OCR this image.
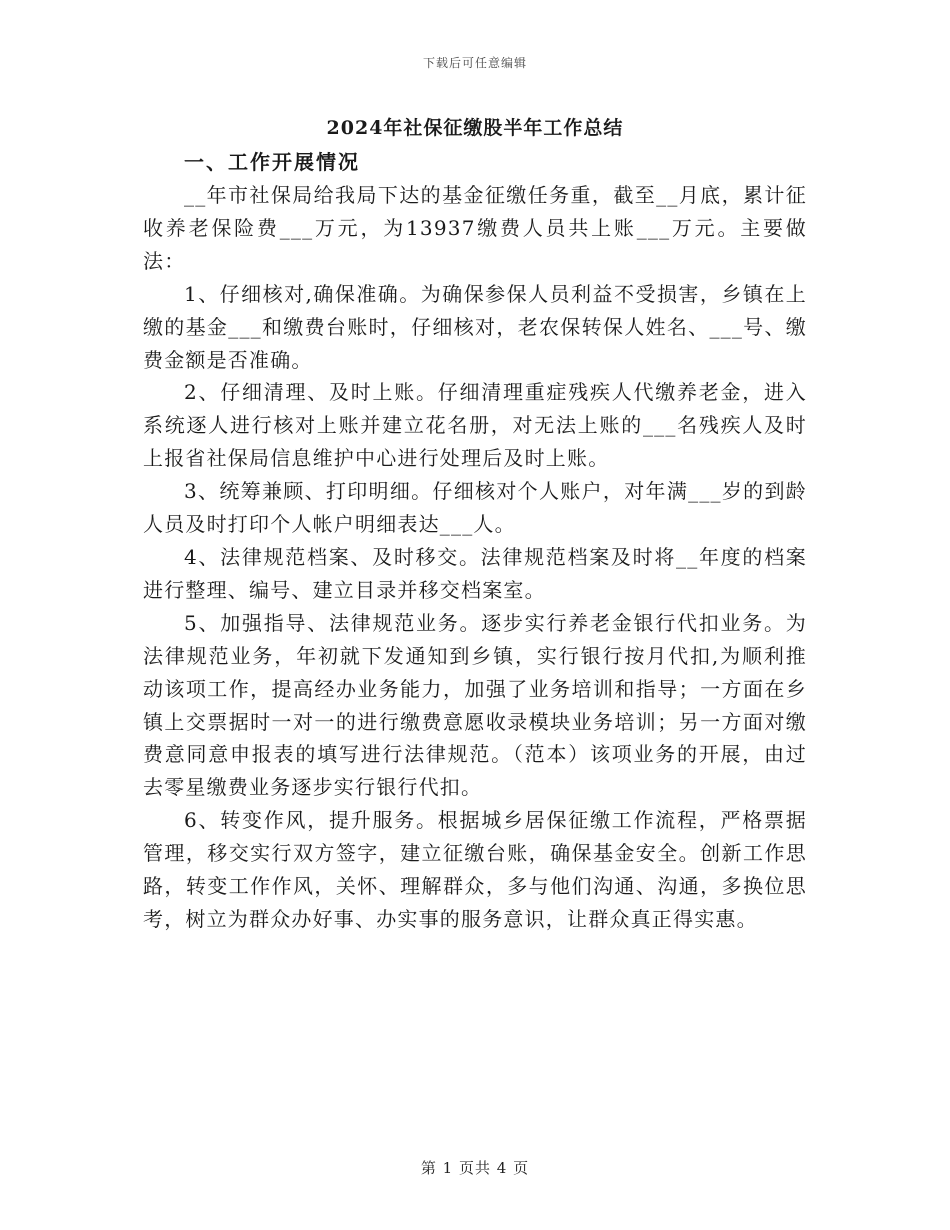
下载后可任意编辑
2024年社保征缴股半年工作总结
一、工作开展情况

__年市社保局给我局下达的基金征缴任务重，截至__月底，累计征收养老保险费___万元，为13937缴费人员共上账___万元。主要做法：

1、仔细核对,确保准确。为确保参保人员利益不受损害，乡镇在上缴的基金___和缴费台账时，仔细核对，老农保转保人姓名、___号、缴费金额是否准确。

2、仔细清理、及时上账。仔细清理重症残疾人代缴养老金，进入系统逐人进行核对上账并建立花名册，对无法上账的___名残疾人及时上报省社保局信息维护中心进行处理后及时上账。

3、统筹兼顾、打印明细。仔细核对个人账户，对年满___岁的到龄人员及时打印个人帐户明细表达___人。

4、法律规范档案、及时移交。法律规范档案及时将__年度的档案进行整理、编号、建立目录并移交档案室。

5、加强指导、法律规范业务。逐步实行养老金银行代扣业务。为法律规范业务，年初就下发通知到乡镇，实行银行按月代扣,为顺利推动该项工作，提高经办业务能力，加强了业务培训和指导；一方面在乡镇上交票据时一对一的进行缴费意愿收录模块业务培训；另一方面对缴费意同意申报表的填写进行法律规范。（范本）该项业务的开展，由过去零星缴费业务逐步实行银行代扣。

6、转变作风，提升服务。根据城乡居保征缴工作流程，严格票据管理，移交实行双方签字，建立征缴台账，确保基金安全。创新工作思路，转变工作作风，关怀、理解群众，多与他们沟通、沟通，多换位思考，树立为群众办好事、办实事的服务意识，让群众真正得实惠。

第 1 页共 4 页
